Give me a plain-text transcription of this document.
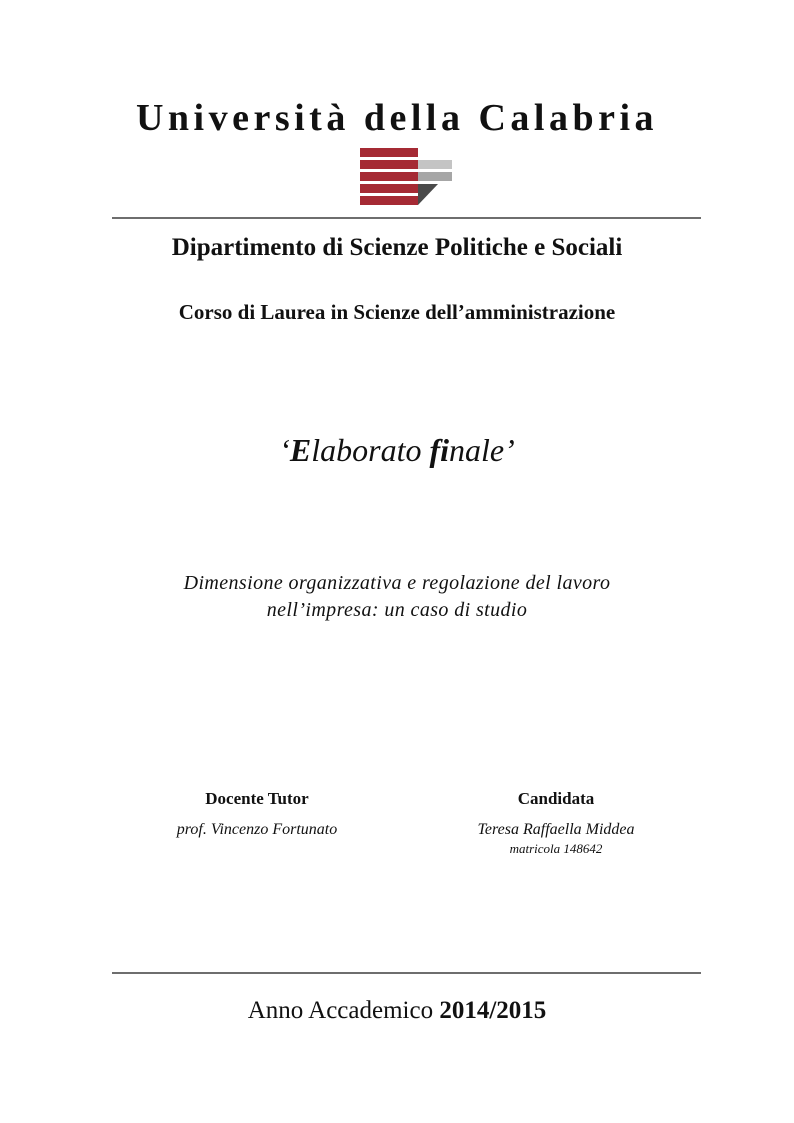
Università della Calabria
Dipartimento di Scienze Politiche e Sociali
Corso di Laurea in Scienze dell’amministrazione
‘Elaborato finale’
Dimensione organizzativa e regolazione del lavoro
nell’impresa: un caso di studio
Docente Tutor
prof. Vincenzo Fortunato
Candidata
Teresa Raffaella Middea
matricola 148642
Anno Accademico 2014/2015
